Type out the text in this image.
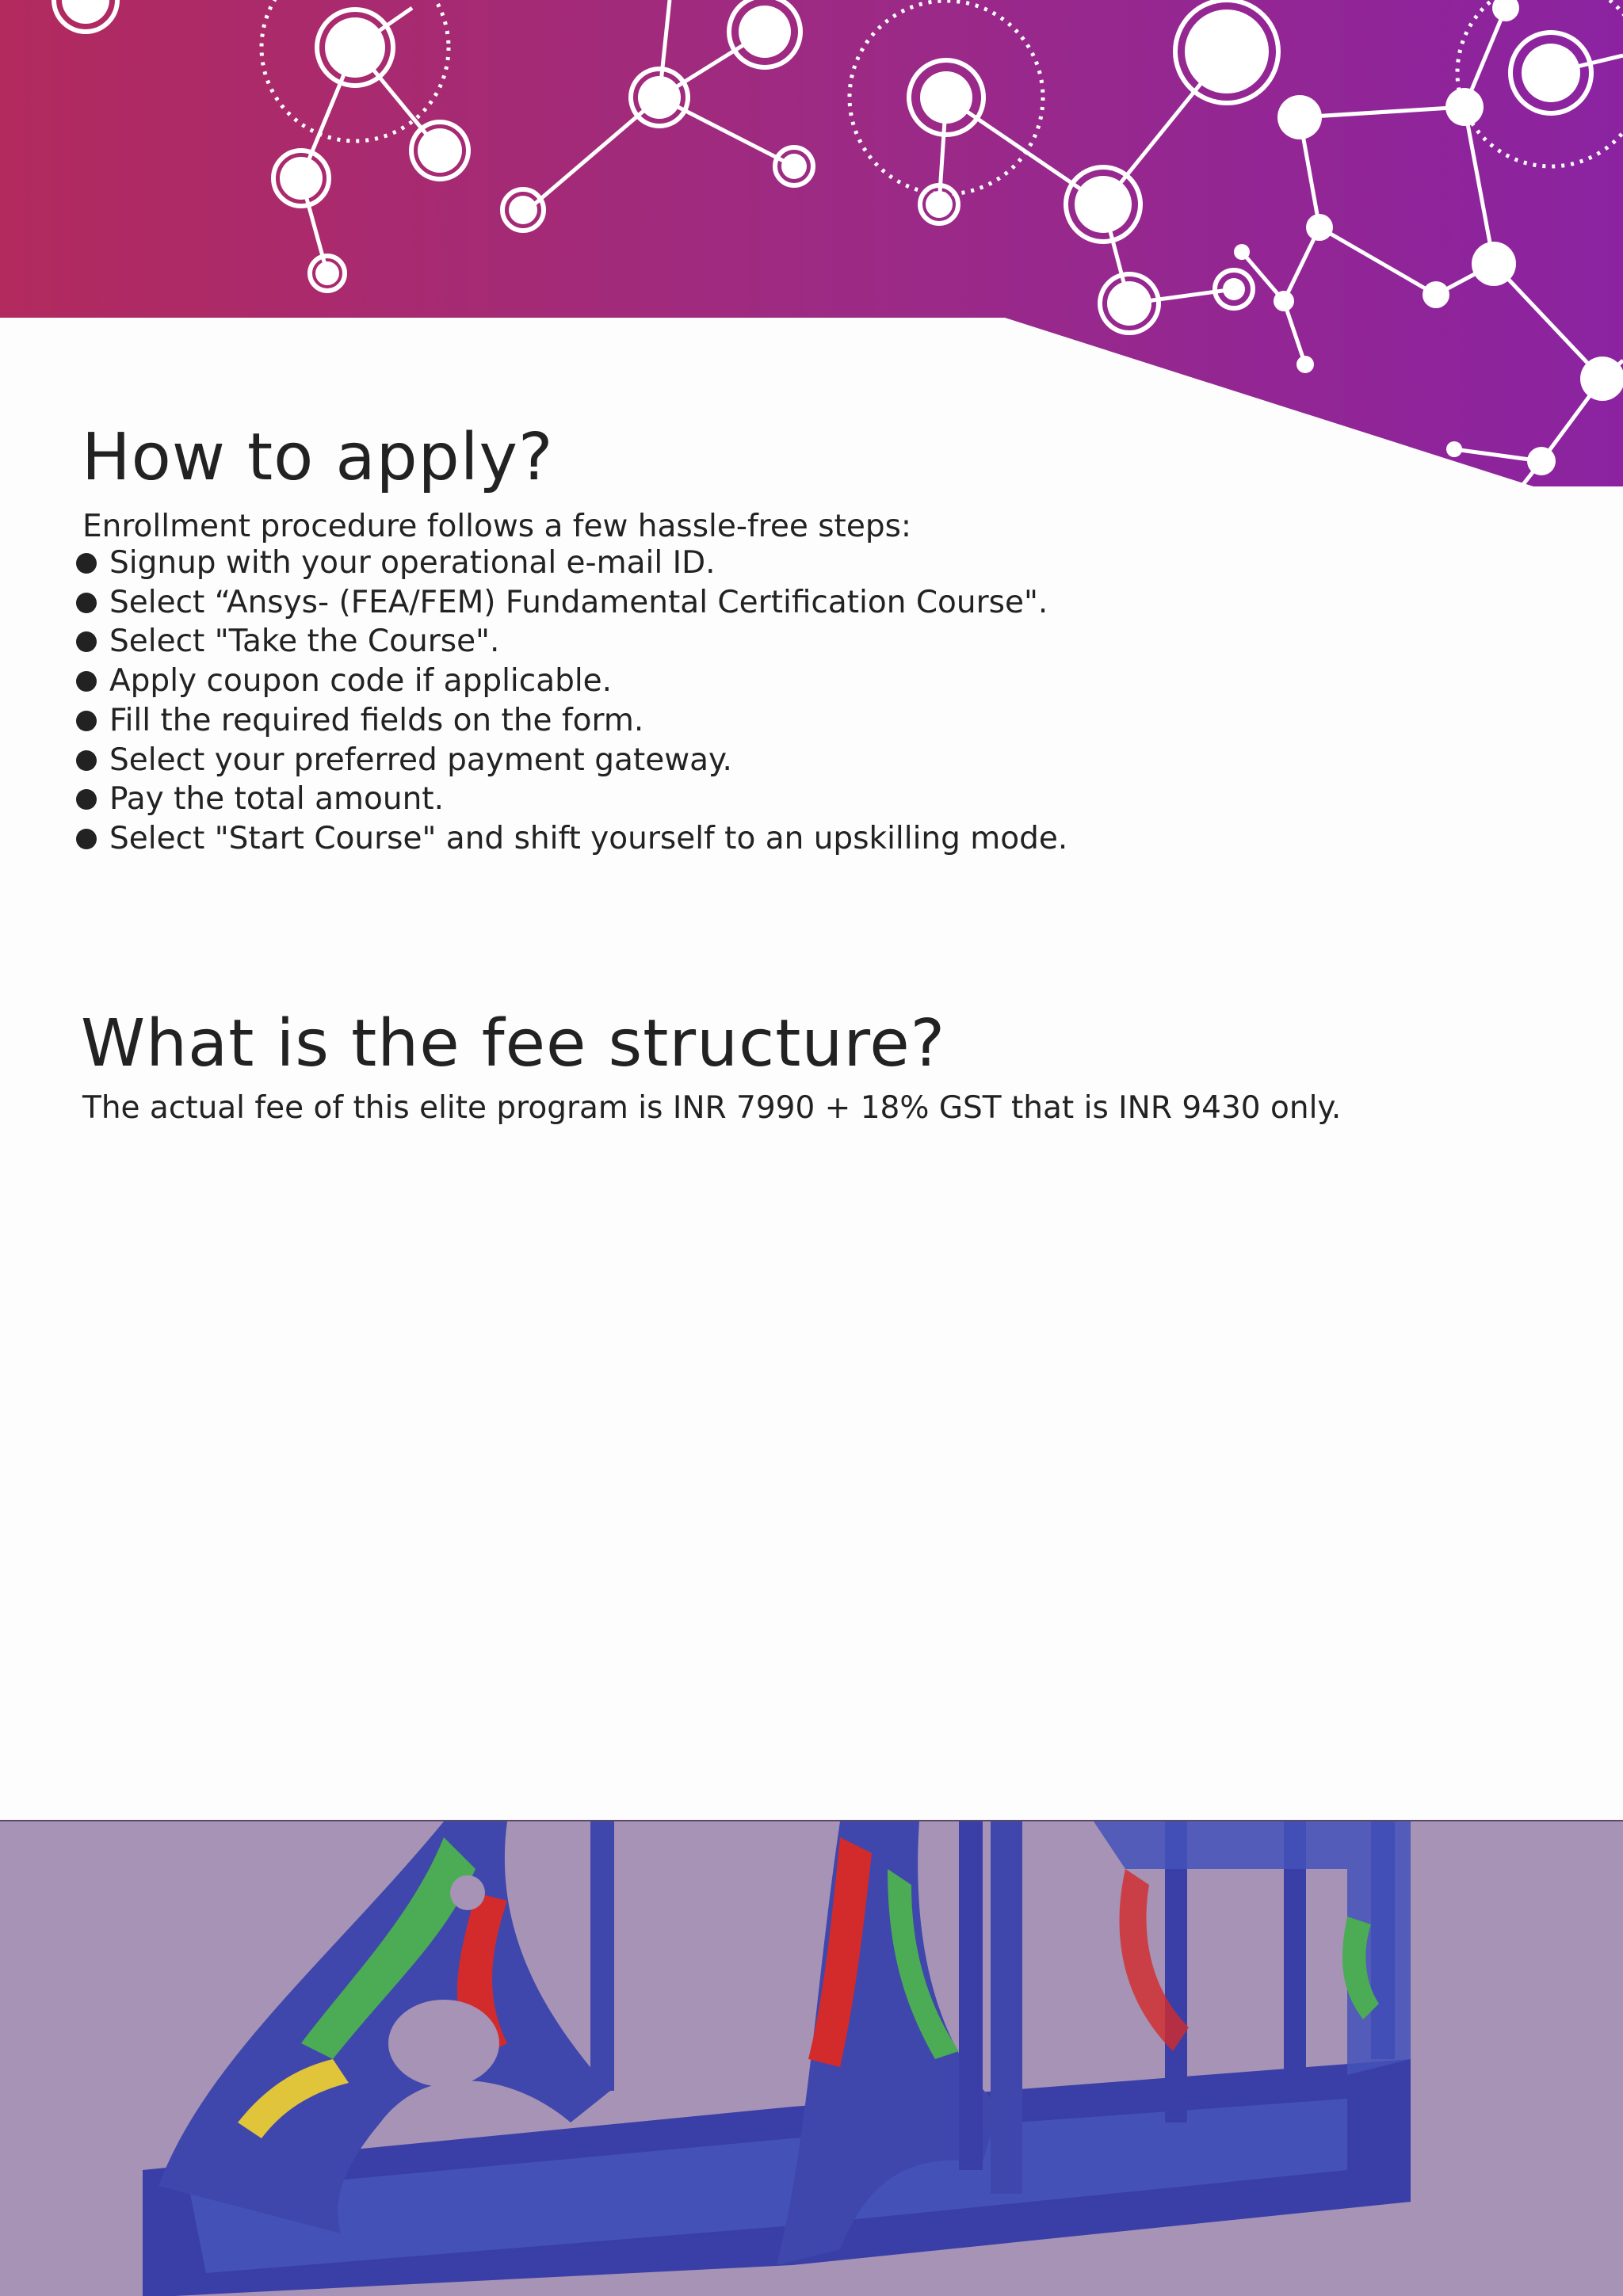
How to apply?
Enrollment procedure follows a few hassle-free steps:
Signup with your operational e-mail ID.
Select “Ansys- (FEA/FEM) Fundamental Certification Course".
Select "Take the Course".
Apply coupon code if applicable.
Fill the required fields on the form.
Select your preferred payment gateway.
Pay the total amount.
Select "Start Course" and shift yourself to an upskilling mode.
What is the fee structure?
The actual fee of this elite program is INR 7990 + 18% GST that is INR 9430 only.
